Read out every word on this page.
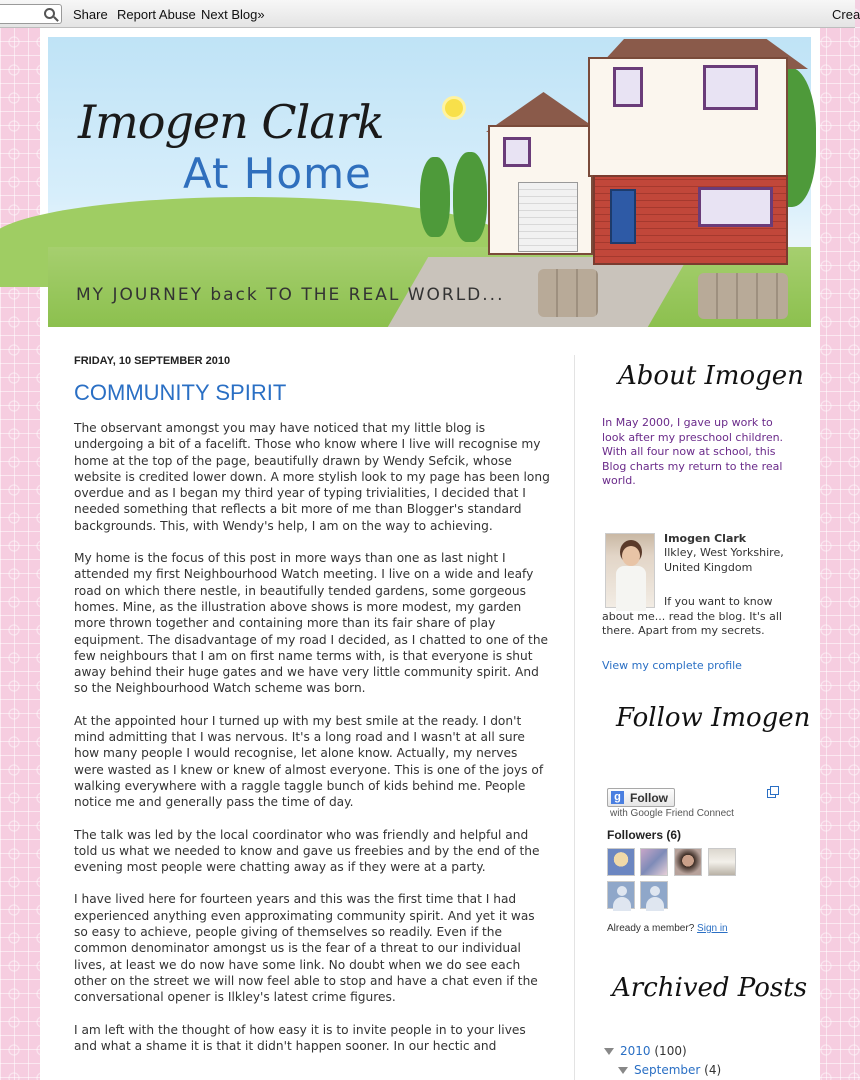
Share Report Abuse Next Blog»	Crea
Imogen Clark
At Home
MY JOURNEY back TO THE REAL WORLD...
FRIDAY, 10 SEPTEMBER 2010
COMMUNITY SPIRIT

The observant amongst you may have noticed that my little blog is undergoing a bit of a facelift. Those who know where I live will recognise my home at the top of the page, beautifully drawn by Wendy Sefcik, whose website is credited lower down. A more stylish look to my page has been long overdue and as I began my third year of typing trivialities, I decided that I needed something that reflects a bit more of me than Blogger's standard backgrounds. This, with Wendy's help, I am on the way to achieving.

My home is the focus of this post in more ways than one as last night I attended my first Neighbourhood Watch meeting. I live on a wide and leafy road on which there nestle, in beautifully tended gardens, some gorgeous homes. Mine, as the illustration above shows is more modest, my garden more thrown together and containing more than its fair share of play equipment. The disadvantage of my road I decided, as I chatted to one of the few neighbours that I am on first name terms with, is that everyone is shut away behind their huge gates and we have very little community spirit. And so the Neighbourhood Watch scheme was born.

At the appointed hour I turned up with my best smile at the ready. I don't mind admitting that I was nervous. It's a long road and I wasn't at all sure how many people I would recognise, let alone know. Actually, my nerves were wasted as I knew or knew of almost everyone. This is one of the joys of walking everywhere with a raggle taggle bunch of kids behind me. People notice me and generally pass the time of day.

The talk was led by the local coordinator who was friendly and helpful and told us what we needed to know and gave us freebies and by the end of the evening most people were chatting away as if they were at a party.

I have lived here for fourteen years and this was the first time that I had experienced anything even approximating community spirit. And yet it was so easy to achieve, people giving of themselves so readily. Even if the common denominator amongst us is the fear of a threat to our individual lives, at least we do now have some link. No doubt when we do see each other on the street we will now feel able to stop and have a chat even if the conversational opener is Ilkley's latest crime figures.

I am left with the thought of how easy it is to invite people in to your lives and what a shame it is that it didn't happen sooner. In our hectic and

About Imogen
In May 2000, I gave up work to look after my preschool children. With all four now at school, this Blog charts my return to the real world.
Imogen Clark
Ilkley, West Yorkshire, United Kingdom
If you want to know about me... read the blog. It's all there. Apart from my secrets.
View my complete profile
Follow Imogen
g Follow
with Google Friend Connect
Followers (6)
Already a member? Sign in
Archived Posts
2010 (100)
September (4)
